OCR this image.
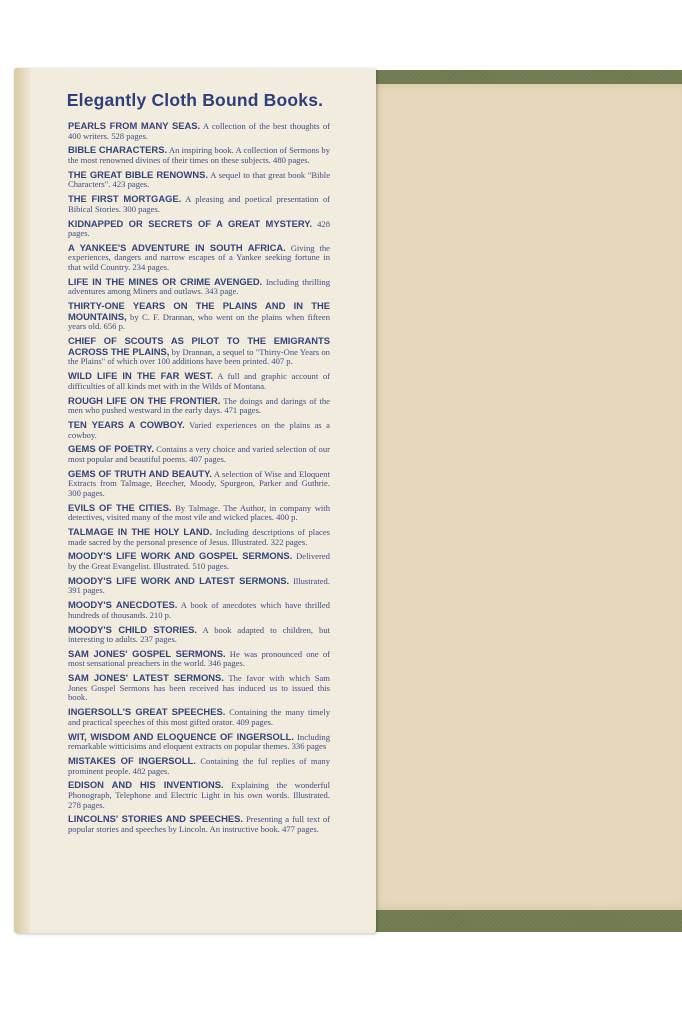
Elegantly Cloth Bound Books.

PEARLS FROM MANY SEAS. A collection of the best thoughts of 400 writers. 528 pages.

BIBLE CHARACTERS. An inspiring book. A collection of Sermons by the most renowned divines of their times on these subjects. 480 pages.

THE GREAT BIBLE RENOWNS. A sequel to that great book "Bible Characters". 423 pages.

THE FIRST MORTGAGE. A pleasing and poetical presentation of Bibical Stories. 300 pages.

KIDNAPPED OR SECRETS OF A GREAT MYSTERY. 428 pages.

A YANKEE'S ADVENTURE IN SOUTH AFRICA. Giving the experiences, dangers and narrow escapes of a Yankee seeking fortune in that wild Country. 234 pages.

LIFE IN THE MINES OR CRIME AVENGED. Including thrilling adventures among Miners and outlaws. 343 page.

THIRTY-ONE YEARS ON THE PLAINS AND IN THE MOUNTAINS, by C. F. Drannan, who went on the plains when fifteen years old. 656 p.

CHIEF OF SCOUTS AS PILOT TO THE EMIGRANTS ACROSS THE PLAINS, by Drannan, a sequel to "Thirty-One Years on the Plains" of which over 100 additions have been printed. 407 p.

WILD LIFE IN THE FAR WEST. A full and graphic account of difficulties of all kinds met with in the Wilds of Montana.

ROUGH LIFE ON THE FRONTIER. The doings and darings of the men who pushed westward in the early days. 471 pages.

TEN YEARS A COWBOY. Varied experiences on the plains as a cowboy.

GEMS OF POETRY. Contains a very choice and varied selection of our most popular and beautiful poems. 407 pages.

GEMS OF TRUTH AND BEAUTY. A selection of Wise and Eloquent Extracts from Talmage, Beecher, Moody, Spurgeon, Parker and Guthrie. 300 pages.

EVILS OF THE CITIES. By Talmage. The Author, in company with detectives, visited many of the most vile and wicked places. 400 p.

TALMAGE IN THE HOLY LAND. Including descriptions of places made sacred by the personal presence of Jesus. Illustrated. 322 pages.

MOODY'S LIFE WORK AND GOSPEL SERMONS. Delivered by the Great Evangelist. Illustrated. 510 pages.

MOODY'S LIFE WORK AND LATEST SERMONS. Illustrated. 391 pages.

MOODY'S ANECDOTES. A book of anecdotes which have thrilled hundreds of thousands. 210 p.

MOODY'S CHILD STORIES. A book adapted to children, but interesting to adults. 237 pages.

SAM JONES' GOSPEL SERMONS. He was pronounced one of most sensational preachers in the world. 346 pages.

SAM JONES' LATEST SERMONS. The favor with which Sam Jones Gospel Sermons has been received has induced us to issued this book.

INGERSOLL'S GREAT SPEECHES. Containing the many timely and practical speeches of this most gifted orator. 409 pages.

WIT, WISDOM AND ELOQUENCE OF INGERSOLL. Including remarkable witticisims and eloquent extracts on popular themes. 336 pages

MISTAKES OF INGERSOLL. Containing the ful replies of many prominent people. 482 pages.

EDISON AND HIS INVENTIONS. Explaining the wonderful Phonograph, Telephone and Electric Light in his own words. Illustrated. 278 pages.

LINCOLNS' STORIES AND SPEECHES. Presenting a full text of popular stories and speeches by Lincoln. An instructive book. 477 pages.
